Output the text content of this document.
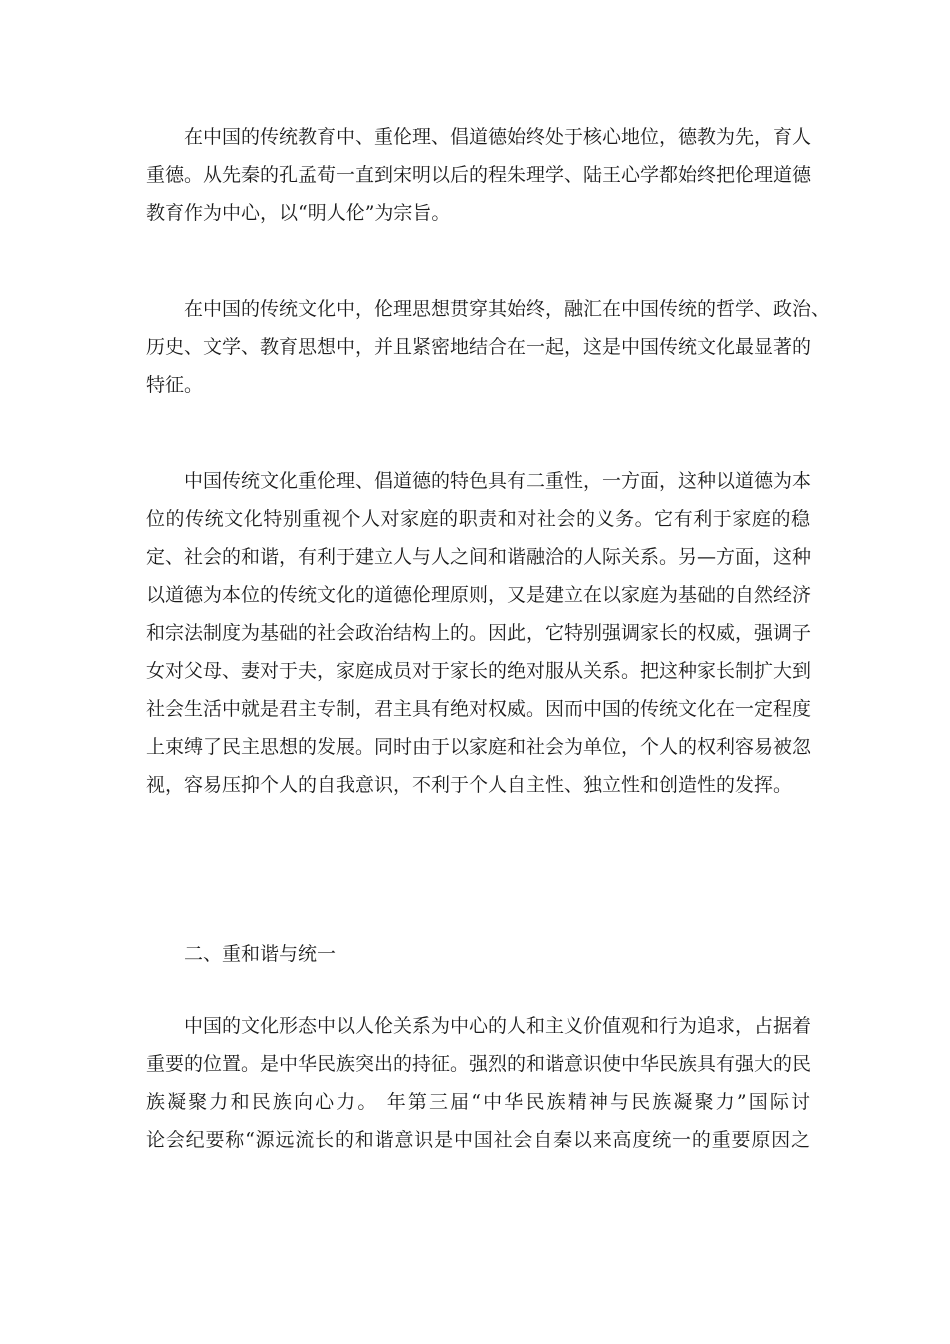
在中国的传统教育中、重伦理、倡道德始终处于核心地位，德教为先，育人
重德。从先秦的孔孟荀一直到宋明以后的程朱理学、陆王心学都始终把伦理道德
教育作为中心，以“明人伦”为宗旨。
在中国的传统文化中，伦理思想贯穿其始终，融汇在中国传统的哲学、政治、
历史、文学、教育思想中，并且紧密地结合在一起，这是中国传统文化最显著的
特征。
中国传统文化重伦理、倡道德的特色具有二重性，一方面，这种以道德为本
位的传统文化特别重视个人对家庭的职责和对社会的义务。它有利于家庭的稳
定、社会的和谐，有利于建立人与人之间和谐融洽的人际关系。另—方面，这种
以道德为本位的传统文化的道德伦理原则，又是建立在以家庭为基础的自然经济
和宗法制度为基础的社会政治结构上的。因此，它特别强调家长的权威，强调子
女对父母、妻对于夫，家庭成员对于家长的绝对服从关系。把这种家长制扩大到
社会生活中就是君主专制，君主具有绝对权威。因而中国的传统文化在一定程度
上束缚了民主思想的发展。同时由于以家庭和社会为单位，个人的权利容易被忽
视，容易压抑个人的自我意识，不利于个人自主性、独立性和创造性的发挥。
二、重和谐与统一
中国的文化形态中以人伦关系为中心的人和主义价值观和行为追求，占据着
重要的位置。是中华民族突出的持征。强烈的和谐意识使中华民族具有强大的民
族凝聚力和民族向心力。 年第三届“中华民族精神与民族凝聚力”国际讨
论会纪要称“源远流长的和谐意识是中国社会自秦以来高度统一的重要原因之
